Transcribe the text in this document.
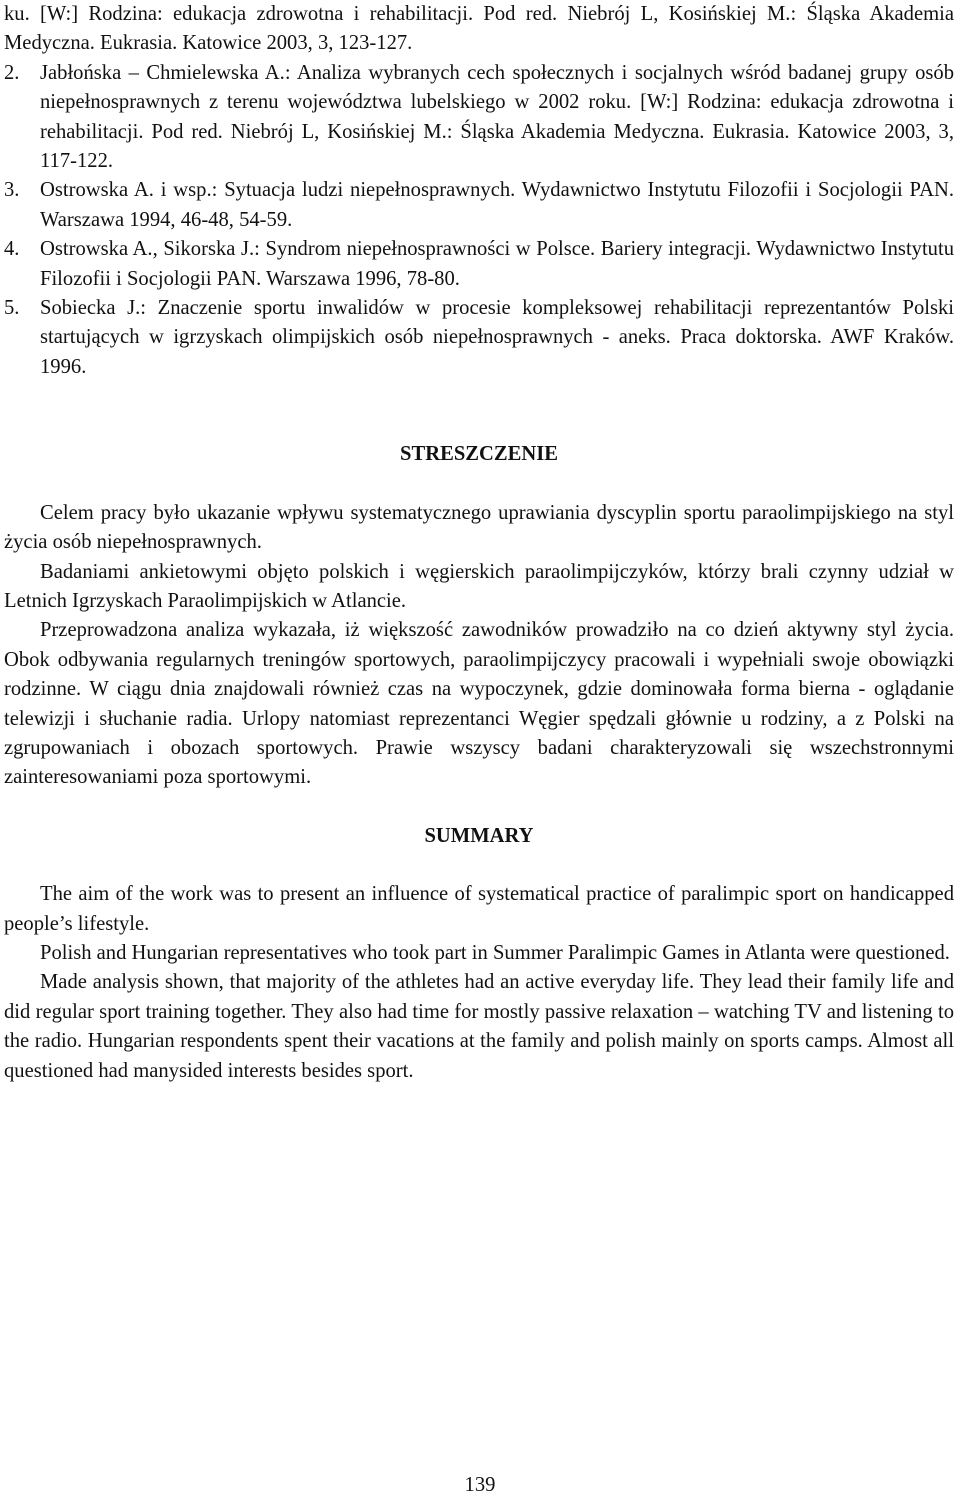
ku. [W:] Rodzina: edukacja zdrowotna i rehabilitacji. Pod red. Niebrój L, Kosińskiej M.: Śląska Akademia Medyczna. Eukrasia. Katowice 2003, 3, 123-127.
2. Jabłońska – Chmielewska A.: Analiza wybranych cech społecznych i socjalnych wśród badanej grupy osób niepełnosprawnych z terenu województwa lubelskiego w 2002 roku. [W:] Rodzina: edukacja zdrowotna i rehabilitacji. Pod red. Niebrój L, Kosińskiej M.: Śląska Akademia Medyczna. Eukrasia. Katowice 2003, 3, 117-122.
3. Ostrowska A. i wsp.: Sytuacja ludzi niepełnosprawnych. Wydawnictwo Instytutu Filozofii i Socjologii PAN. Warszawa 1994, 46-48, 54-59.
4. Ostrowska A., Sikorska J.: Syndrom niepełnosprawności w Polsce. Bariery integracji. Wydawnictwo Instytutu Filozofii i Socjologii PAN. Warszawa 1996, 78-80.
5. Sobiecka J.: Znaczenie sportu inwalidów w procesie kompleksowej rehabilitacji reprezentantów Polski startujących w igrzyskach olimpijskich osób niepełnosprawnych - aneks. Praca doktorska. AWF Kraków. 1996.
STRESZCZENIE
Celem pracy było ukazanie wpływu systematycznego uprawiania dyscyplin sportu paraolimpijskiego na styl życia osób niepełnosprawnych.
Badaniami ankietowymi objęto polskich i węgierskich paraolimpijczyków, którzy brali czynny udział w Letnich Igrzyskach Paraolimpijskich w Atlancie.
Przeprowadzona analiza wykazała, iż większość zawodników prowadziło na co dzień aktywny styl życia. Obok odbywania regularnych treningów sportowych, paraolimpijczycy pracowali i wypełniali swoje obowiązki rodzinne. W ciągu dnia znajdowali również czas na wypoczynek, gdzie dominowała forma bierna - oglądanie telewizji i słuchanie radia. Urlopy natomiast reprezentanci Węgier spędzali głównie u rodziny, a z Polski na zgrupowaniach i obozach sportowych. Prawie wszyscy badani charakteryzowali się wszechstronnymi zainteresowaniami poza sportowymi.
SUMMARY
The aim of the work was to present an influence of systematical practice of paralimpic sport on handicapped people’s lifestyle.
Polish and Hungarian representatives who took part in Summer Paralimpic Games in Atlanta were questioned.
Made analysis shown, that majority of the athletes had an active everyday life. They lead their family life and did regular sport training together. They also had time for mostly passive relaxation – watching TV and listening to the radio. Hungarian respondents spent their vacations at the family and polish mainly on sports camps. Almost all questioned had manysided interests besides sport.
139
